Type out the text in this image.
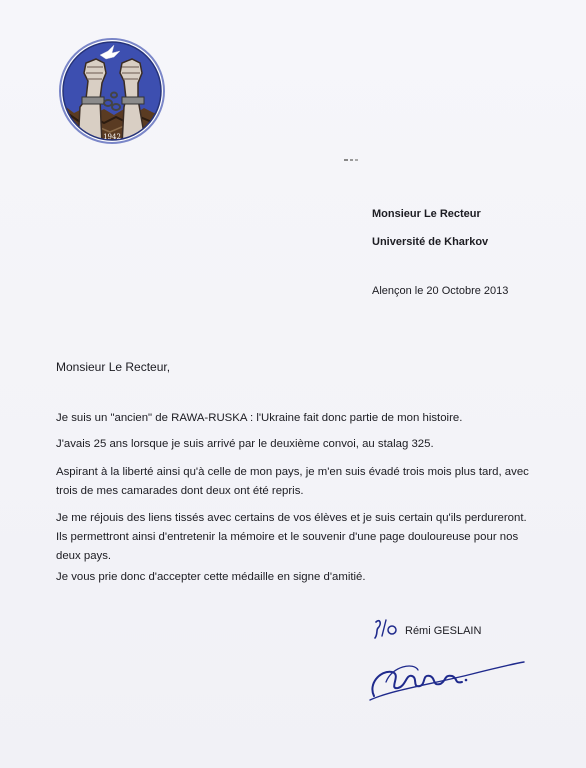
1942
Monsieur Le Recteur
Université de Kharkov
Alençon le 20 Octobre 2013
Monsieur Le Recteur,
Je suis un "ancien" de RAWA-RUSKA : l'Ukraine fait donc partie de mon histoire.
J'avais 25 ans lorsque je suis arrivé par le deuxième convoi, au stalag 325.
Aspirant à la liberté ainsi qu'à celle de mon pays, je m'en suis évadé trois mois plus tard, avec trois de mes camarades dont deux ont été repris.
Je me réjouis des liens tissés avec certains de vos élèves et je suis certain qu'ils perdureront. Ils permettront ainsi d'entretenir la mémoire et le souvenir d'une page douloureuse pour nos deux pays.
Je vous prie donc d'accepter cette médaille en signe d'amitié.
Rémi GESLAIN
